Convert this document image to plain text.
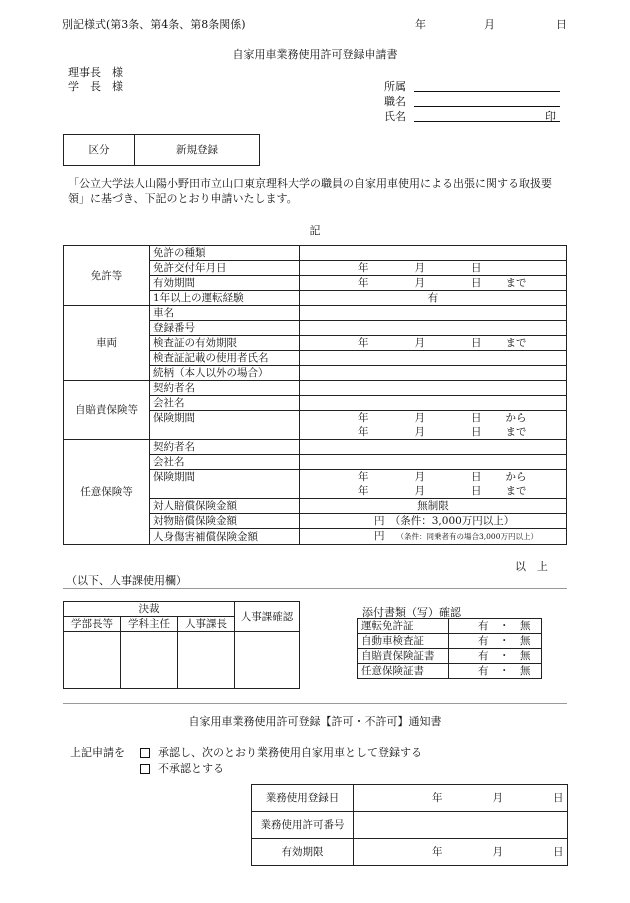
別記様式(第3条、第4条、第8条関係)	年	月	日
自家用車業務使用許可登録申請書
理事長　様
学　長　様	所属
職名
氏名	印
区分	新規登録
「公立大学法人山陽小野田市立山口東京理科大学の職員の自家用車使用による出張に関する取扱要領」に基づき、下記のとおり申請いたします。
記
免許等	免許の種類	
	免許交付年月日	年 月 日
	有効期間	年 月 日 まで
	1年以上の運転経験	有
車両	車名	
	登録番号	
	検査証の有効期限	年 月 日 まで
	検査証記載の使用者氏名	
	続柄（本人以外の場合）	
自賠責保険等	契約者名	
	会社名	
	保険期間	年 月 日 から
		年 月 日 まで
任意保険等	契約者名	
	会社名	
	保険期間	年 月 日 から
		年 月 日 まで
	対人賠償保険金額	無制限
	対物賠償保険金額	円　（条件：3,000万円以上）
	人身傷害補償保険金額	円 （条件：同乗者有の場合3,000万円以上）
以　上
（以下、人事課使用欄）
決裁			人事課確認
学部長等	学科主任	人事課長	

添付書類（写）確認
運転免許証	有　 ・　 無
自動車検査証	有　 ・　 無
自賠責保険証書	有　 ・　 無
任意保険証書	有　 ・　 無
自家用車業務使用許可登録【許可・不許可】通知書
上記申請を	承認し、次のとおり業務使用自家用車として登録する
不承認とする
業務使用登録日	年 月 日
業務使用許可番号	
有効期限	年 月 日
